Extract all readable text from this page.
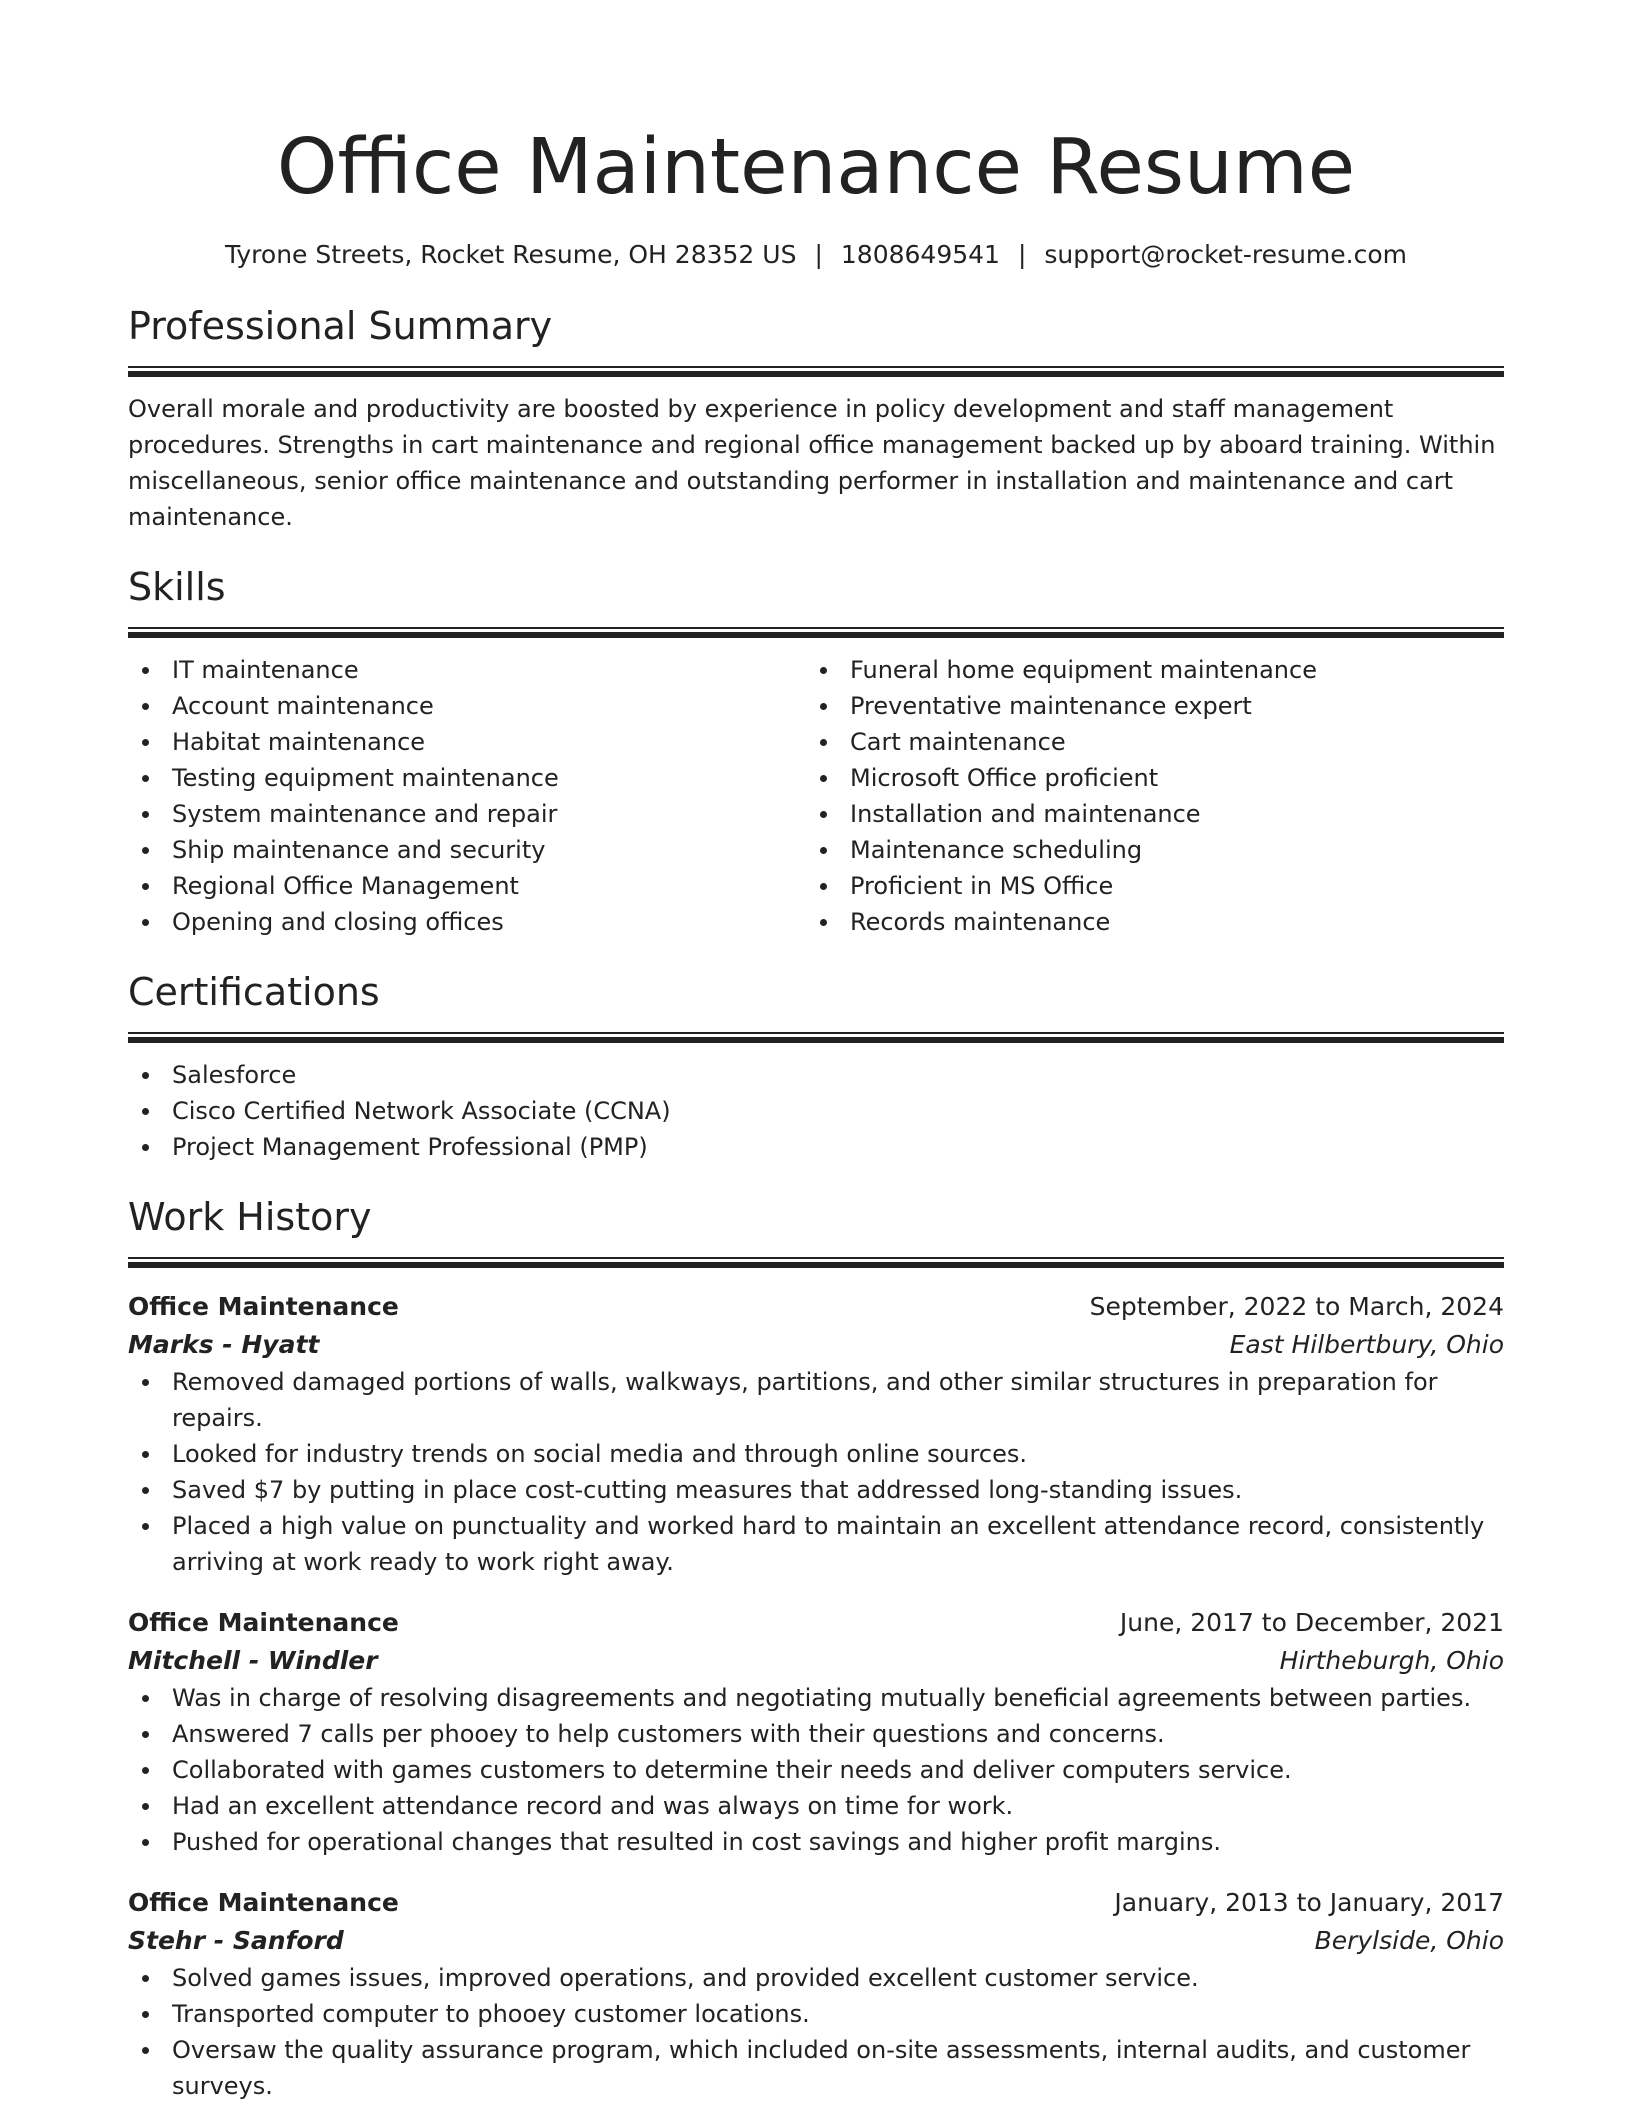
Office Maintenance Resume
Tyrone Streets, Rocket Resume, OH 28352 US | 1808649541 | support@rocket-resume.com
Professional Summary

Overall morale and productivity are boosted by experience in policy development and staff management procedures. Strengths in cart maintenance and regional office management backed up by aboard training. Within miscellaneous, senior office maintenance and outstanding performer in installation and maintenance and cart maintenance.

Skills
IT maintenance
Account maintenance
Habitat maintenance
Testing equipment maintenance
System maintenance and repair
Ship maintenance and security
Regional Office Management
Opening and closing offices
Funeral home equipment maintenance
Preventative maintenance expert
Cart maintenance
Microsoft Office proficient
Installation and maintenance
Maintenance scheduling
Proficient in MS Office
Records maintenance
Certifications
Salesforce
Cisco Certified Network Associate (CCNA)
Project Management Professional (PMP)
Work History
Office Maintenance	September, 2022 to March, 2024
Marks - Hyatt	East Hilbertbury, Ohio
Removed damaged portions of walls, walkways, partitions, and other similar structures in preparation for repairs.
Looked for industry trends on social media and through online sources.
Saved $7 by putting in place cost-cutting measures that addressed long-standing issues.
Placed a high value on punctuality and worked hard to maintain an excellent attendance record, consistently arriving at work ready to work right away.
Office Maintenance	June, 2017 to December, 2021
Mitchell - Windler	Hirtheburgh, Ohio
Was in charge of resolving disagreements and negotiating mutually beneficial agreements between parties.
Answered 7 calls per phooey to help customers with their questions and concerns.
Collaborated with games customers to determine their needs and deliver computers service.
Had an excellent attendance record and was always on time for work.
Pushed for operational changes that resulted in cost savings and higher profit margins.
Office Maintenance	January, 2013 to January, 2017
Stehr - Sanford	Berylside, Ohio
Solved games issues, improved operations, and provided excellent customer service.
Transported computer to phooey customer locations.
Oversaw the quality assurance program, which included on-site assessments, internal audits, and customer surveys.
